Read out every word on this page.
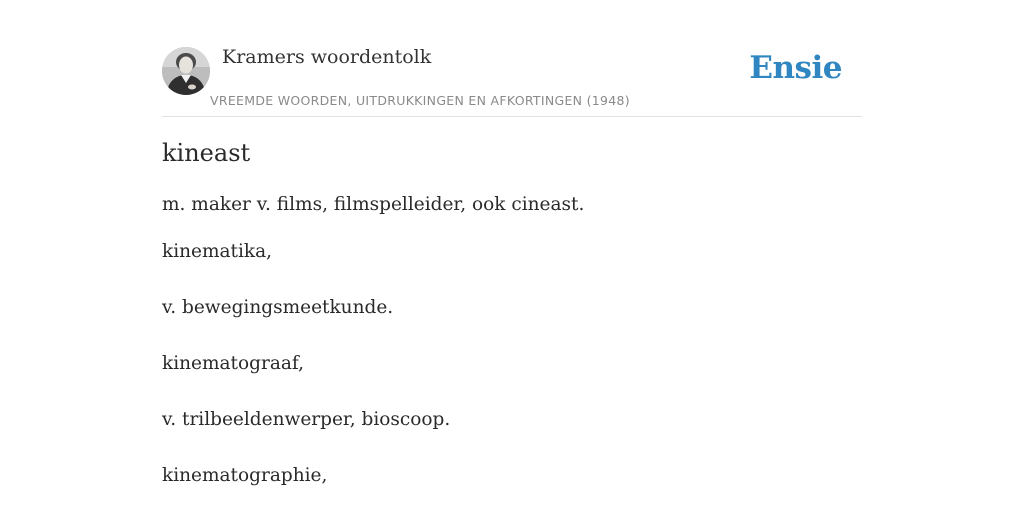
Kramers woordentolk
VREEMDE WOORDEN, UITDRUKKINGEN EN AFKORTINGEN (1948)
Ensie
kineast

m. maker v. films, filmspelleider, ook cineast.

kinematika,

v. bewegingsmeetkunde.

kinematograaf,

v. trilbeeldenwerper, bioscoop.

kinematographie,
